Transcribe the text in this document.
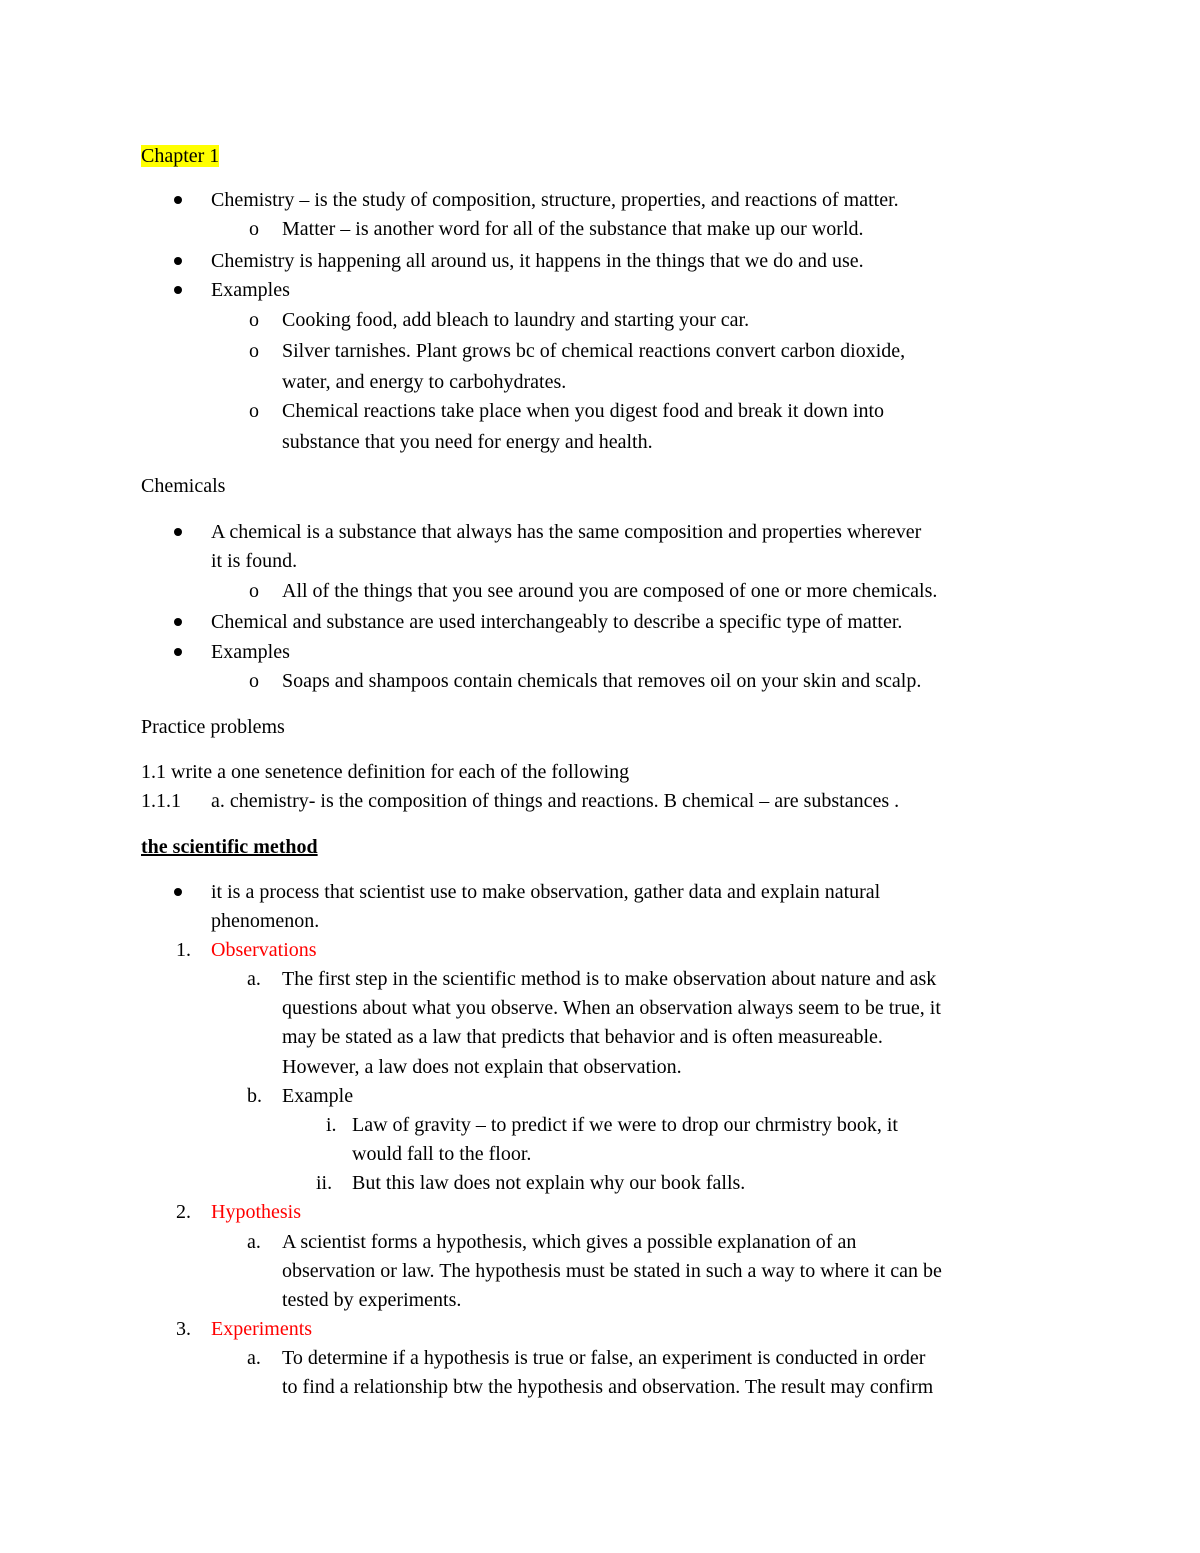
Chapter 1
Chemistry – is the study of composition, structure, properties, and reactions of matter.
o Matter – is another word for all of the substance that make up our world.
Chemistry is happening all around us, it happens in the things that we do and use.
Examples
o Cooking food, add bleach to laundry and starting your car.
o Silver tarnishes. Plant grows bc of chemical reactions convert carbon dioxide,
water, and energy to carbohydrates.
o Chemical reactions take place when you digest food and break it down into
substance that you need for energy and health.
Chemicals
A chemical is a substance that always has the same composition and properties wherever
it is found.
o All of the things that you see around you are composed of one or more chemicals.
Chemical and substance are used interchangeably to describe a specific type of matter.
Examples
o Soaps and shampoos contain chemicals that removes oil on your skin and scalp.
Practice problems
1.1 write a one senetence definition for each of the following
1.1.1 a. chemistry- is the composition of things and reactions. B chemical – are substances .
the scientific method
it is a process that scientist use to make observation, gather data and explain natural
phenomenon.
1. Observations
a. The first step in the scientific method is to make observation about nature and ask
questions about what you observe. When an observation always seem to be true, it
may be stated as a law that predicts that behavior and is often measureable.
However, a law does not explain that observation.
b. Example
i. Law of gravity – to predict if we were to drop our chrmistry book, it
would fall to the floor.
ii. But this law does not explain why our book falls.
2. Hypothesis
a. A scientist forms a hypothesis, which gives a possible explanation of an
observation or law. The hypothesis must be stated in such a way to where it can be
tested by experiments.
3. Experiments
a. To determine if a hypothesis is true or false, an experiment is conducted in order
to find a relationship btw the hypothesis and observation. The result may confirm
